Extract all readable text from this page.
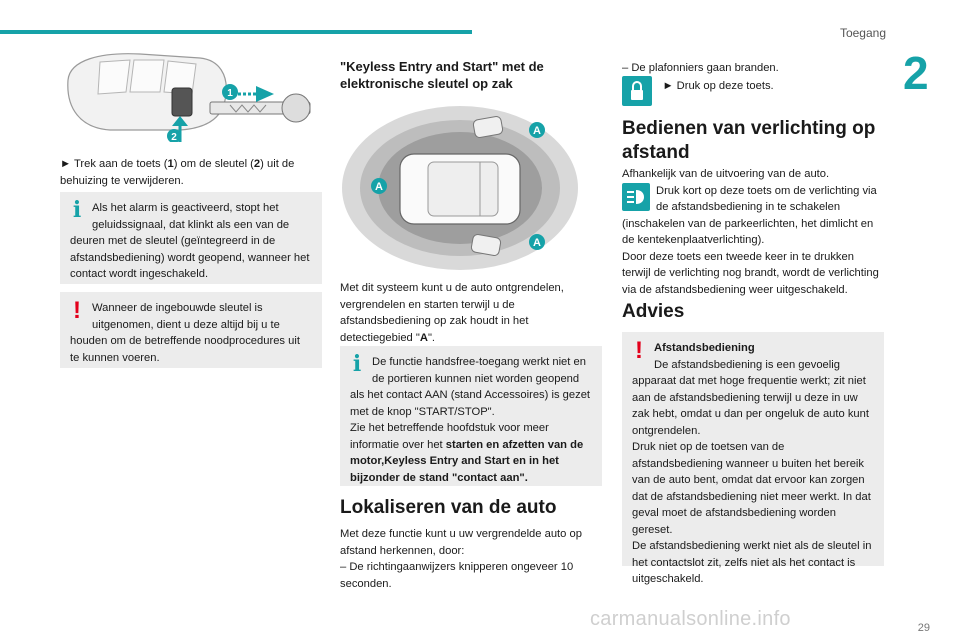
Toegang
2
1
2
► Trek aan de toets (1) om de sleutel (2) uit de behuizing te verwijderen.
i Als het alarm is geactiveerd, stopt het geluidssignaal, dat klinkt als een van de deuren met de sleutel (geïntegreerd in de afstandsbediening) wordt geopend, wanneer het contact wordt ingeschakeld.
! Wanneer de ingebouwde sleutel is uitgenomen, dient u deze altijd bij u te houden om de betreffende noodprocedures uit te kunnen voeren.
"Keyless Entry and Start" met de elektronische sleutel op zak
A
A
A
Met dit systeem kunt u de auto ontgrendelen, vergrendelen en starten terwijl u de afstandsbediening op zak houdt in het detectiegebied "A".
i De functie handsfree-toegang werkt niet en de portieren kunnen niet worden geopend als het contact AAN (stand Accessoires) is gezet met de knop "START/STOP".
Zie het betreffende hoofdstuk voor meer informatie over het starten en afzetten van de motor,Keyless Entry and Start en in het bijzonder de stand "contact aan".
Lokaliseren van de auto
Met deze functie kunt u uw vergrendelde auto op afstand herkennen, door:
– De richtingaanwijzers knipperen ongeveer 10 seconden.
– De plafonniers gaan branden.
► Druk op deze toets.
Bedienen van verlichting op afstand
Afhankelijk van de uitvoering van de auto.

Druk kort op deze toets om de verlichting via de afstandsbediening in te schakelen (inschakelen van de parkeerlichten, het dimlicht en de kentekenplaatverlichting).
Door deze toets een tweede keer in te drukken terwijl de verlichting nog brandt, wordt de verlichting via de afstandsbediening weer uitgeschakeld.
Advies
! Afstandsbediening
De afstandsbediening is een gevoelig apparaat dat met hoge frequentie werkt; zit niet aan de afstandsbediening terwijl u deze in uw zak hebt, omdat u dan per ongeluk de auto kunt ontgrendelen.
Druk niet op de toetsen van de afstandsbediening wanneer u buiten het bereik van de auto bent, omdat dat ervoor kan zorgen dat de afstandsbediening niet meer werkt. In dat geval moet de afstandsbediening worden gereset.
De afstandsbediening werkt niet als de sleutel in het contactslot zit, zelfs niet als het contact is uitgeschakeld.
carmanualsonline.info	29
